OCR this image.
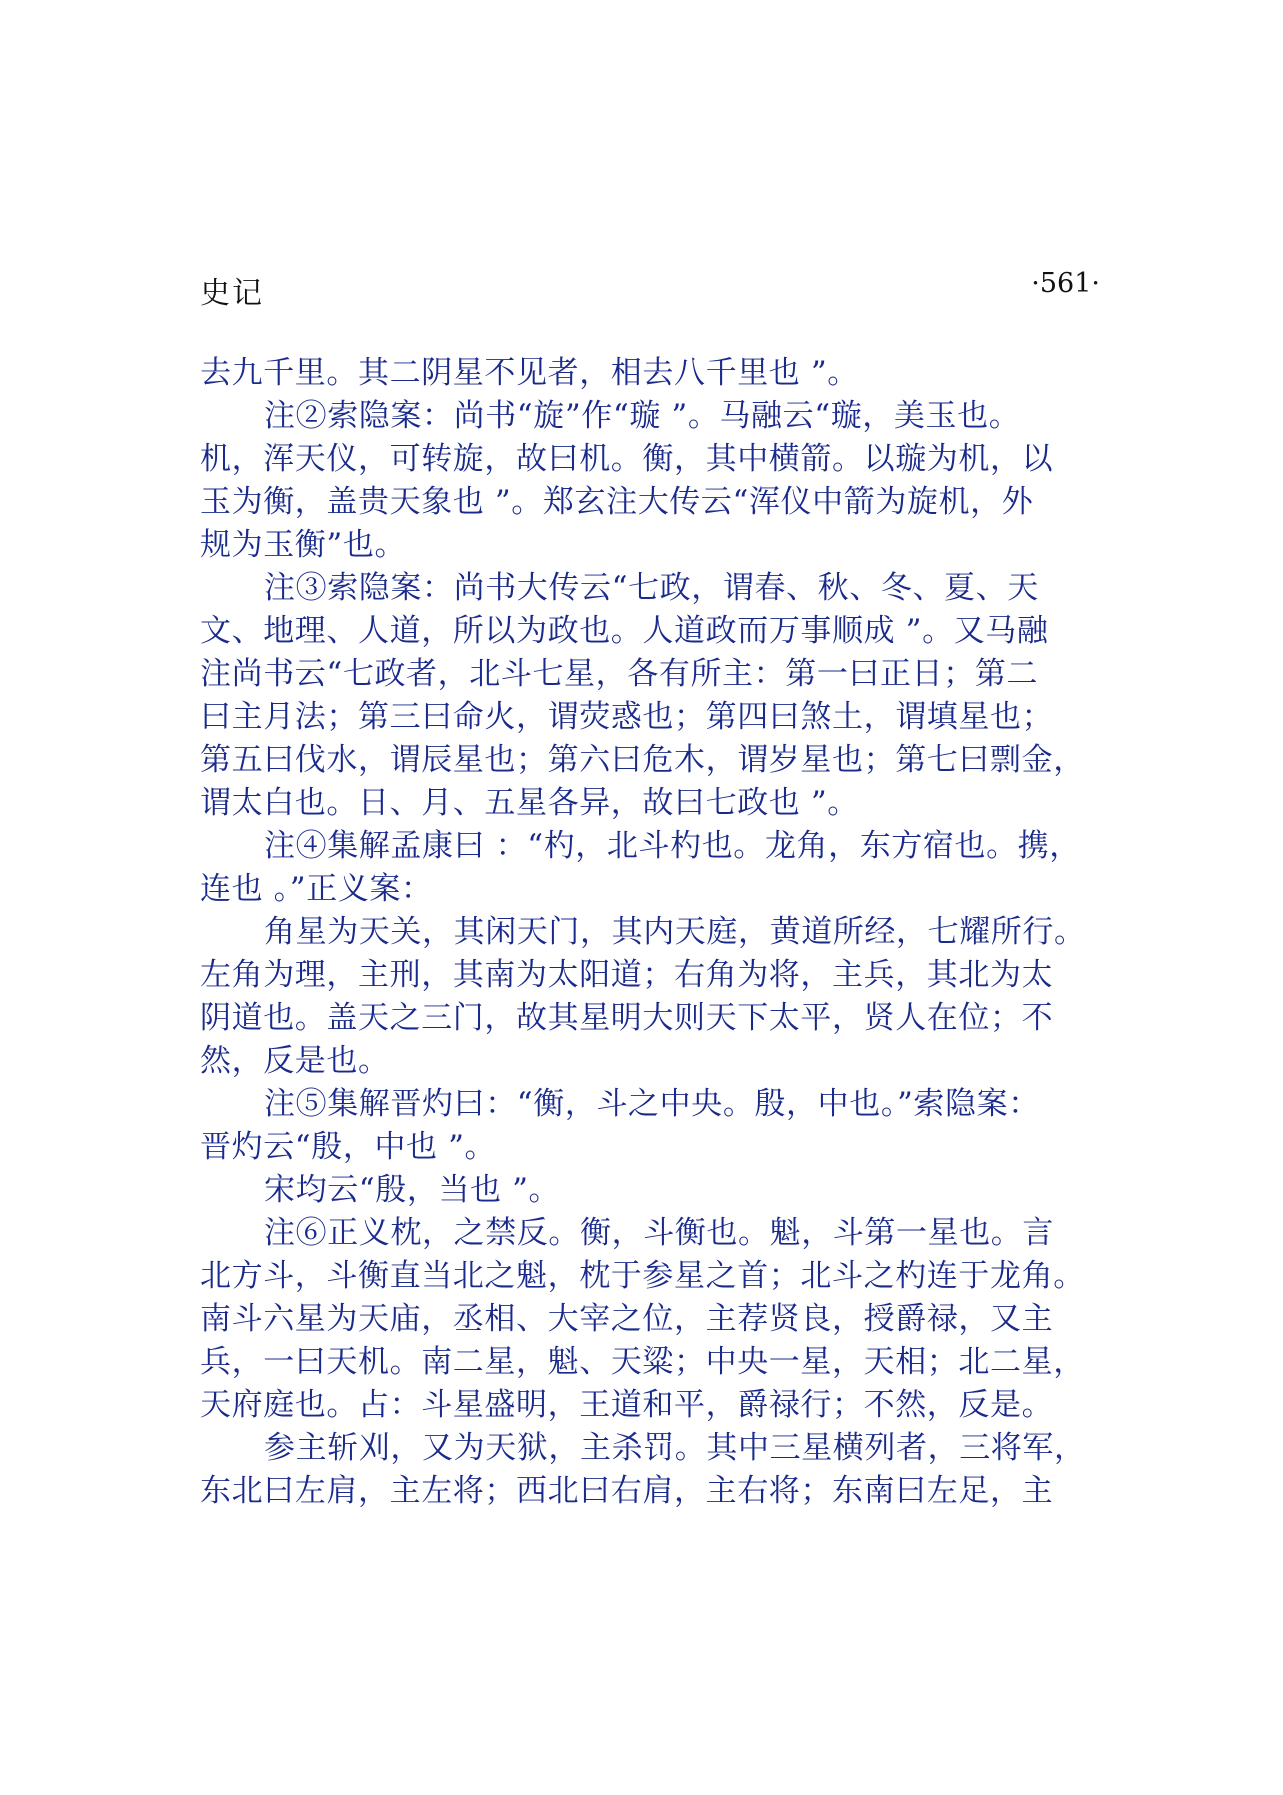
史记	·561·
去九千里。其二阴星不见者，相去八千里也 ”。
注②索隐案：尚书“旋”作“璇 ”。马融云“璇，美玉也。
机，浑天仪，可转旋，故曰机。衡，其中横箭。以璇为机，以
玉为衡，盖贵天象也 ”。郑玄注大传云“浑仪中箭为旋机，外
规为玉衡”也。
注③索隐案：尚书大传云“七政，谓春、秋、冬、夏、天
文、地理、人道，所以为政也。人道政而万事顺成 ”。又马融
注尚书云“七政者，北斗七星，各有所主：第一曰正日；第二
曰主月法；第三曰命火，谓荧惑也；第四曰煞土，谓填星也；
第五曰伐水，谓辰星也；第六曰危木，谓岁星也；第七曰剽金，
谓太白也。日、月、五星各异，故曰七政也 ”。
注④集解孟康曰 ：“杓，北斗杓也。龙角，东方宿也。携，
连也 。”正义案：
角星为天关，其闲天门，其内天庭，黄道所经，七耀所行。
左角为理，主刑，其南为太阳道；右角为将，主兵，其北为太
阴道也。盖天之三门，故其星明大则天下太平，贤人在位；不
然，反是也。
注⑤集解晋灼曰：“衡，斗之中央。殷，中也。”索隐案：
晋灼云“殷，中也 ”。
宋均云“殷，当也 ”。
注⑥正义枕，之禁反。衡，斗衡也。魁，斗第一星也。言
北方斗，斗衡直当北之魁，枕于参星之首；北斗之杓连于龙角。
南斗六星为天庙，丞相、大宰之位，主荐贤良，授爵禄，又主
兵，一曰天机。南二星，魁、天粱；中央一星，天相；北二星，
天府庭也。占：斗星盛明，王道和平，爵禄行；不然，反是。
参主斩刈，又为天狱，主杀罚。其中三星横列者，三将军，
东北曰左肩，主左将；西北曰右肩，主右将；东南曰左足，主
